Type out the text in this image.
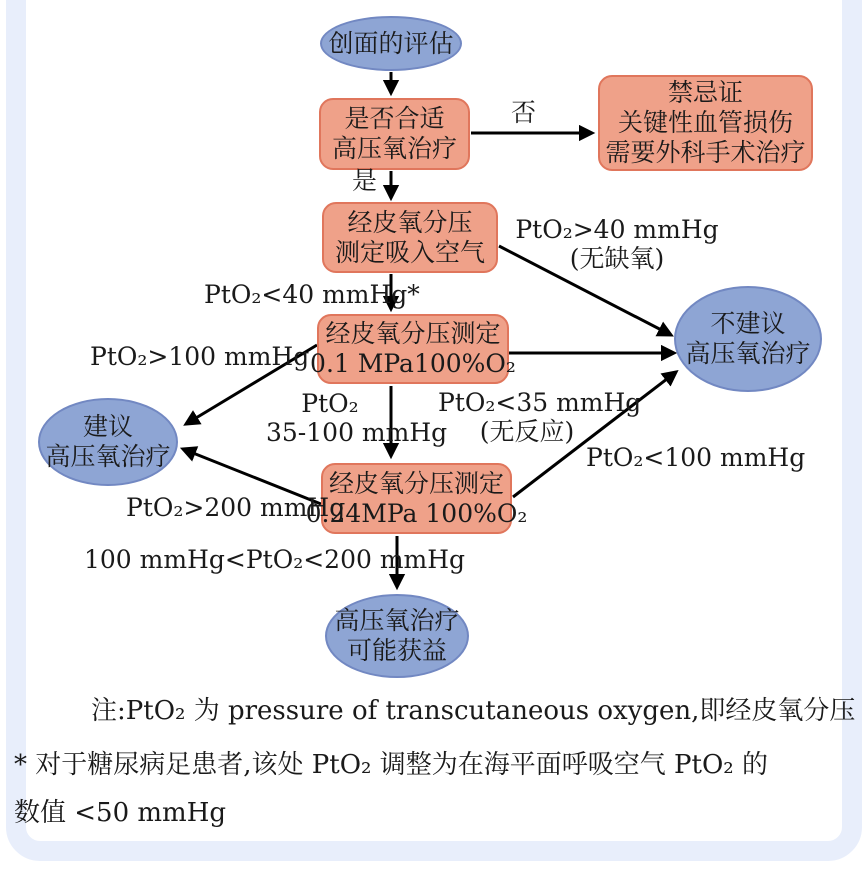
创面的评估
是否合适
高压氧治疗
禁忌证
关键性血管损伤
需要外科手术治疗
经皮氧分压
测定吸入空气
经皮氧分压测定
0.1 MPa100%O₂
经皮氧分压测定
0.24MPa 100%O₂
建议
高压氧治疗
不建议
高压氧治疗
高压氧治疗
可能获益
否
是
PtO₂>40 mmHg
(无缺氧)
PtO₂<40 mmHg*
PtO₂>100 mmHg
PtO₂
35-100 mmHg
PtO₂<35 mmHg
(无反应)
PtO₂>200 mmHg
PtO₂<100 mmHg
100 mmHg<PtO₂<200 mmHg
注:PtO₂ 为 pressure of transcutaneous oxygen,即经皮氧分压
* 对于糖尿病足患者,该处 PtO₂ 调整为在海平面呼吸空气 PtO₂ 的
数值 <50 mmHg
